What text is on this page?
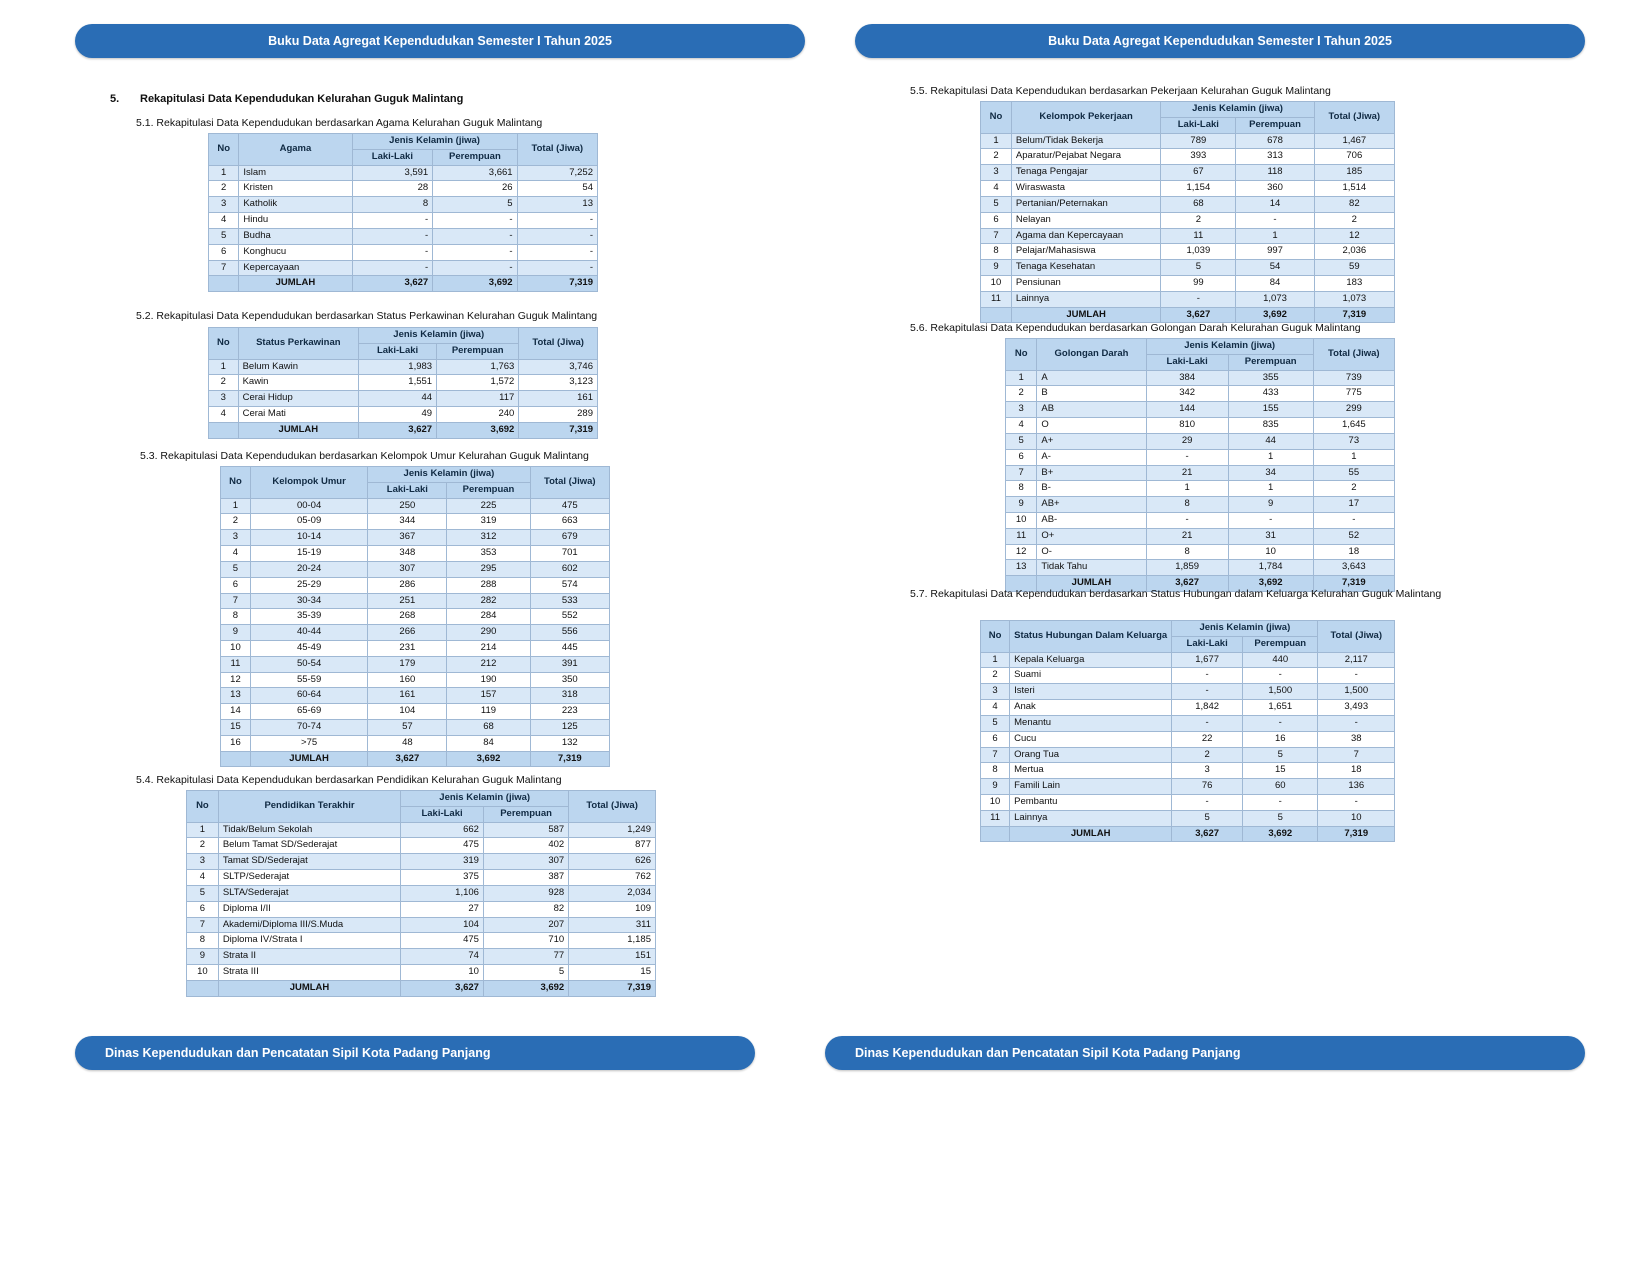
Buku Data Agregat Kependudukan Semester I Tahun 2025
5. Rekapitulasi Data Kependudukan Kelurahan Guguk Malintang
5.1. Rekapitulasi Data Kependudukan berdasarkan Agama Kelurahan Guguk Malintang
No	Agama	Jenis Kelamin (jiwa)		Total (Jiwa)
		Laki-Laki	Perempuan	
1	Islam	3,591	3,661	7,252
2	Kristen	28	26	54
3	Katholik	8	5	13
4	Hindu	-	-	-
5	Budha	-	-	-
6	Konghucu	-	-	-
7	Kepercayaan	-	-	-
	JUMLAH	3,627	3,692	7,319
5.2. Rekapitulasi Data Kependudukan berdasarkan Status Perkawinan Kelurahan Guguk Malintang
No	Status Perkawinan	Jenis Kelamin (jiwa)		Total (Jiwa)
		Laki-Laki	Perempuan	
1	Belum Kawin	1,983	1,763	3,746
2	Kawin	1,551	1,572	3,123
3	Cerai Hidup	44	117	161
4	Cerai Mati	49	240	289
	JUMLAH	3,627	3,692	7,319
5.3. Rekapitulasi Data Kependudukan berdasarkan Kelompok Umur Kelurahan Guguk Malintang
No	Kelompok Umur	Jenis Kelamin (jiwa)		Total (Jiwa)
		Laki-Laki	Perempuan	
1	00-04	250	225	475
2	05-09	344	319	663
3	10-14	367	312	679
4	15-19	348	353	701
5	20-24	307	295	602
6	25-29	286	288	574
7	30-34	251	282	533
8	35-39	268	284	552
9	40-44	266	290	556
10	45-49	231	214	445
11	50-54	179	212	391
12	55-59	160	190	350
13	60-64	161	157	318
14	65-69	104	119	223
15	70-74	57	68	125
16	>75	48	84	132
	JUMLAH	3,627	3,692	7,319
5.4. Rekapitulasi Data Kependudukan berdasarkan Pendidikan Kelurahan Guguk Malintang
No	Pendidikan Terakhir	Jenis Kelamin (jiwa)		Total (Jiwa)
		Laki-Laki	Perempuan	
1	Tidak/Belum Sekolah	662	587	1,249
2	Belum Tamat SD/Sederajat	475	402	877
3	Tamat SD/Sederajat	319	307	626
4	SLTP/Sederajat	375	387	762
5	SLTA/Sederajat	1,106	928	2,034
6	Diploma I/II	27	82	109
7	Akademi/Diploma III/S.Muda	104	207	311
8	Diploma IV/Strata I	475	710	1,185
9	Strata II	74	77	151
10	Strata III	10	5	15
	JUMLAH	3,627	3,692	7,319
Dinas Kependudukan dan Pencatatan Sipil Kota Padang Panjang
Buku Data Agregat Kependudukan Semester I Tahun 2025
5.5. Rekapitulasi Data Kependudukan berdasarkan Pekerjaan Kelurahan Guguk Malintang
No	Kelompok Pekerjaan	Jenis Kelamin (jiwa)		Total (Jiwa)
		Laki-Laki	Perempuan	
1	Belum/Tidak Bekerja	789	678	1,467
2	Aparatur/Pejabat Negara	393	313	706
3	Tenaga Pengajar	67	118	185
4	Wiraswasta	1,154	360	1,514
5	Pertanian/Peternakan	68	14	82
6	Nelayan	2	-	2
7	Agama dan Kepercayaan	11	1	12
8	Pelajar/Mahasiswa	1,039	997	2,036
9	Tenaga Kesehatan	5	54	59
10	Pensiunan	99	84	183
11	Lainnya	-	1,073	1,073
	JUMLAH	3,627	3,692	7,319
5.6. Rekapitulasi Data Kependudukan berdasarkan Golongan Darah Kelurahan Guguk Malintang
No	Golongan Darah	Jenis Kelamin (jiwa)		Total (Jiwa)
		Laki-Laki	Perempuan	
1	A	384	355	739
2	B	342	433	775
3	AB	144	155	299
4	O	810	835	1,645
5	A+	29	44	73
6	A-	-	1	1
7	B+	21	34	55
8	B-	1	1	2
9	AB+	8	9	17
10	AB-	-	-	-
11	O+	21	31	52
12	O-	8	10	18
13	Tidak Tahu	1,859	1,784	3,643
	JUMLAH	3,627	3,692	7,319
5.7. Rekapitulasi Data Kependudukan berdasarkan Status Hubungan dalam Keluarga Kelurahan Guguk Malintang
No	Status Hubungan Dalam Keluarga	Jenis Kelamin (jiwa)		Total (Jiwa)
		Laki-Laki	Perempuan	
1	Kepala Keluarga	1,677	440	2,117
2	Suami	-	-	-
3	Isteri	-	1,500	1,500
4	Anak	1,842	1,651	3,493
5	Menantu	-	-	-
6	Cucu	22	16	38
7	Orang Tua	2	5	7
8	Mertua	3	15	18
9	Famili Lain	76	60	136
10	Pembantu	-	-	-
11	Lainnya	5	5	10
	JUMLAH	3,627	3,692	7,319
Dinas Kependudukan dan Pencatatan Sipil Kota Padang Panjang
